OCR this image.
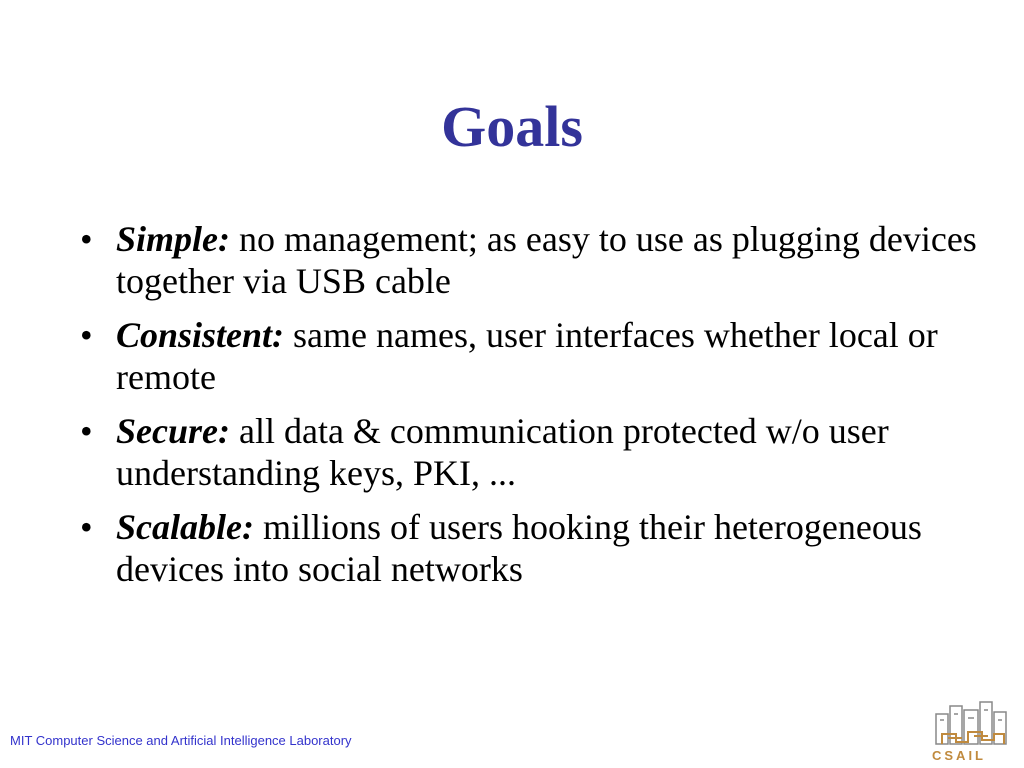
Goals
• Simple: no management; as easy to use as plugging devices together via USB cable
• Consistent: same names, user interfaces whether local or remote
• Secure: all data & communication protected w/o user understanding keys, PKI, ...
• Scalable: millions of users hooking their heterogeneous devices into social networks
MIT Computer Science and Artificial Intelligence Laboratory
CSAIL
